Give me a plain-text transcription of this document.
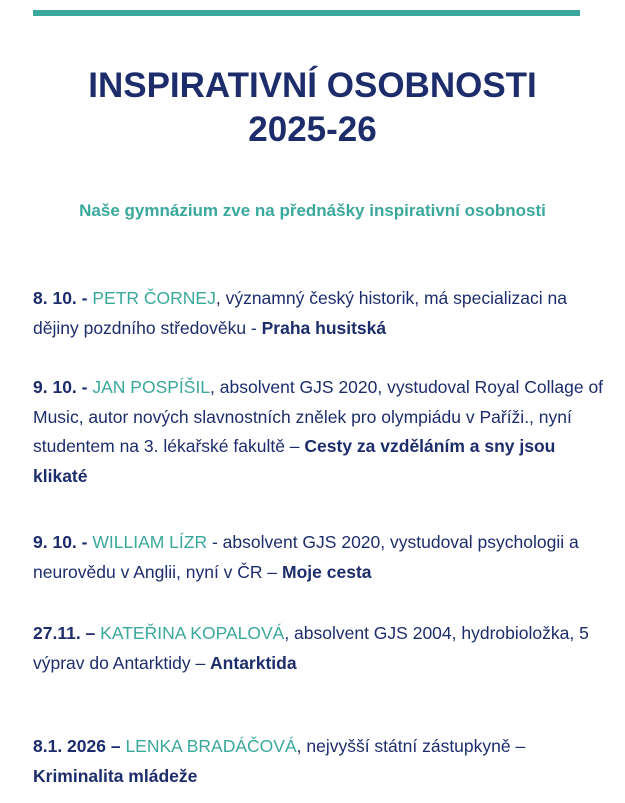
INSPIRATIVNÍ OSOBNOSTI
2025-26
Naše gymnázium zve na přednášky inspirativní osobnosti
8. 10. - PETR ČORNEJ, významný český historik, má specializaci na dějiny pozdního středověku - Praha husitská
9. 10. - JAN POSPÍŠIL, absolvent GJS 2020, vystudoval Royal Collage of Music, autor nových slavnostních znělek pro olympiádu v Paříži., nyní studentem na 3. lékařské fakultě – Cesty za vzděláním a sny jsou klikaté
9. 10. - WILLIAM LÍZR - absolvent GJS 2020, vystudoval psychologii a neurovědu v Anglii, nyní v ČR – Moje cesta
27.11. – KATEŘINA KOPALOVÁ, absolvent GJS 2004, hydrobioložka, 5 výprav do Antarktidy – Antarktida
8.1. 2026 – LENKA BRADÁČOVÁ, nejvyšší státní zástupkyně – Kriminalita mládeže
